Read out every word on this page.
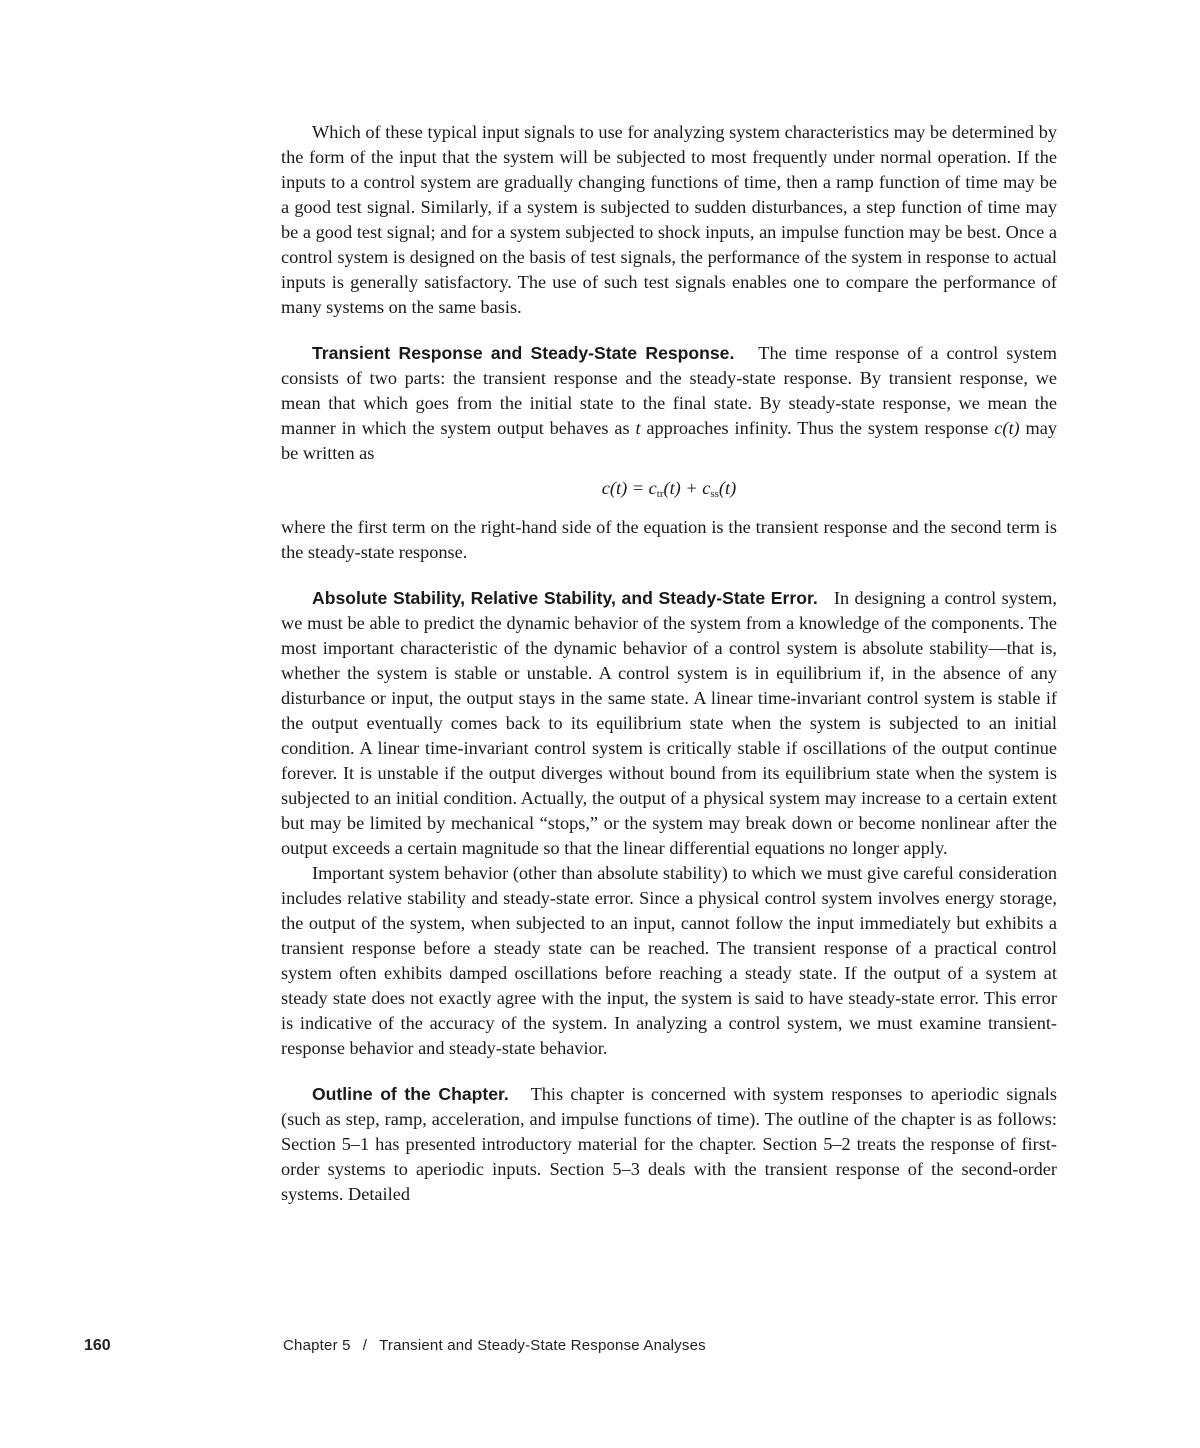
Which of these typical input signals to use for analyzing system characteristics may be determined by the form of the input that the system will be subjected to most frequently under normal operation. If the inputs to a control system are gradually changing functions of time, then a ramp function of time may be a good test signal. Similarly, if a system is subjected to sudden disturbances, a step function of time may be a good test signal; and for a system subjected to shock inputs, an impulse function may be best. Once a control system is designed on the basis of test signals, the performance of the system in response to actual inputs is generally satisfactory. The use of such test signals enables one to compare the performance of many systems on the same basis.

Transient Response and Steady-State Response. The time response of a control system consists of two parts: the transient response and the steady-state response. By transient response, we mean that which goes from the initial state to the final state. By steady-state response, we mean the manner in which the system output behaves as t approaches infinity. Thus the system response c(t) may be written as

$c(t) = c_{tr}(t) + c_{ss}(t)$

where the first term on the right-hand side of the equation is the transient response and the second term is the steady-state response.

Absolute Stability, Relative Stability, and Steady-State Error. In designing a control system, we must be able to predict the dynamic behavior of the system from a knowledge of the components. The most important characteristic of the dynamic behavior of a control system is absolute stability—that is, whether the system is stable or unstable. A control system is in equilibrium if, in the absence of any disturbance or input, the output stays in the same state. A linear time-invariant control system is stable if the output eventually comes back to its equilibrium state when the system is subjected to an initial condition. A linear time-invariant control system is critically stable if oscillations of the output continue forever. It is unstable if the output diverges without bound from its equilibrium state when the system is subjected to an initial condition. Actually, the output of a physical system may increase to a certain extent but may be limited by mechanical “stops,” or the system may break down or become nonlinear after the output exceeds a certain magnitude so that the linear differential equations no longer apply.

Important system behavior (other than absolute stability) to which we must give careful consideration includes relative stability and steady-state error. Since a physical control system involves energy storage, the output of the system, when subjected to an input, cannot follow the input immediately but exhibits a transient response before a steady state can be reached. The transient response of a practical control system often exhibits damped oscillations before reaching a steady state. If the output of a system at steady state does not exactly agree with the input, the system is said to have steady-state error. This error is indicative of the accuracy of the system. In analyzing a control system, we must examine transient-response behavior and steady-state behavior.

Outline of the Chapter. This chapter is concerned with system responses to aperiodic signals (such as step, ramp, acceleration, and impulse functions of time). The outline of the chapter is as follows: Section 5–1 has presented introductory material for the chapter. Section 5–2 treats the response of first-order systems to aperiodic inputs. Section 5–3 deals with the transient response of the second-order systems. Detailed

160	Chapter 5 / Transient and Steady-State Response Analyses
